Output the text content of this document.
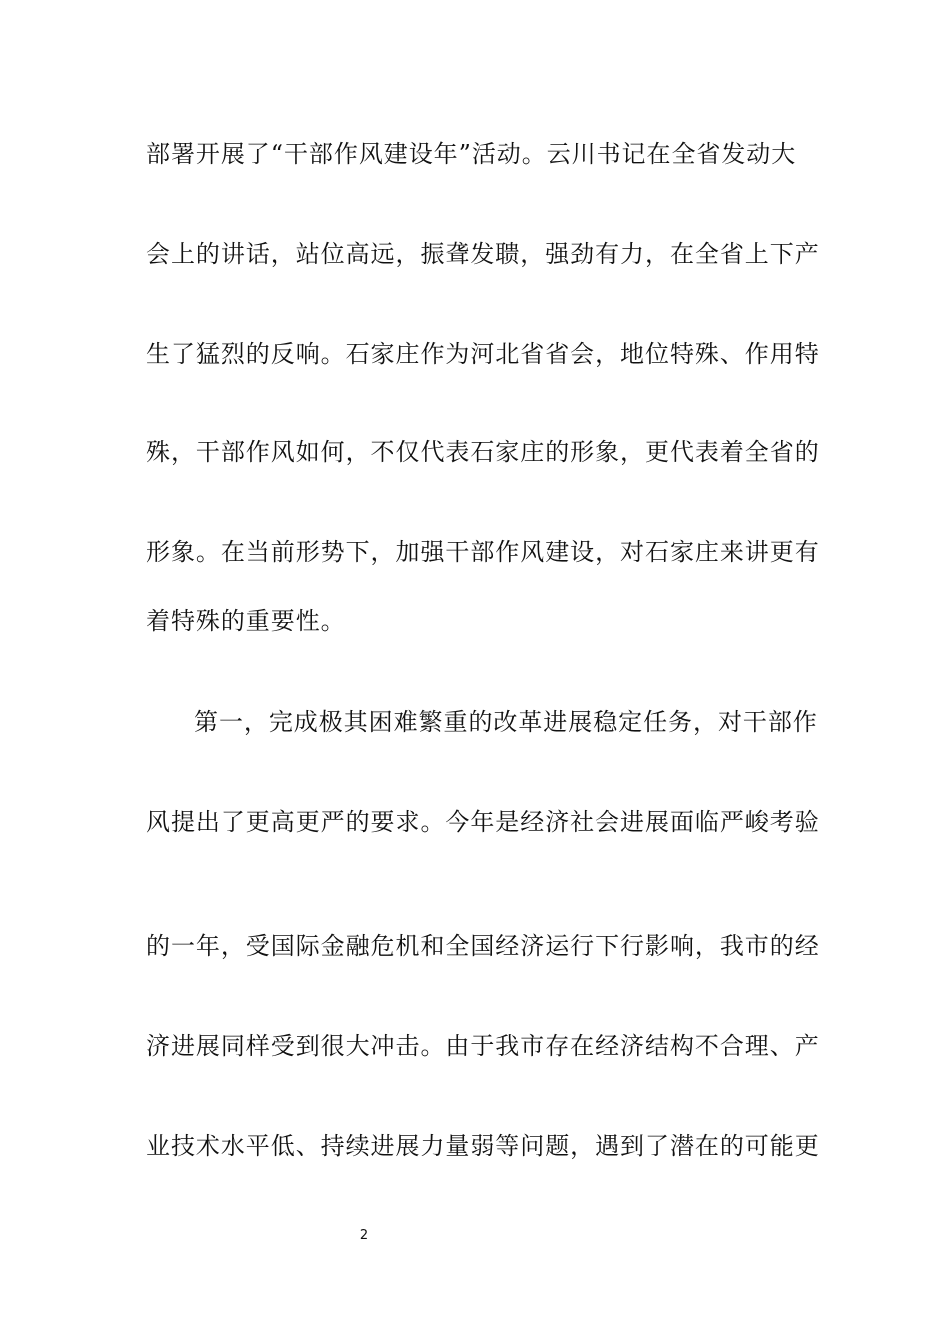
部署开展了“干部作风建设年”活动。云川书记在全省发动大
会上的讲话，站位高远，振聋发聩，强劲有力，在全省上下产
生了猛烈的反响。石家庄作为河北省省会，地位特殊、作用特
殊，干部作风如何，不仅代表石家庄的形象，更代表着全省的
形象。在当前形势下，加强干部作风建设，对石家庄来讲更有
着特殊的重要性。
第一，完成极其困难繁重的改革进展稳定任务，对干部作
风提出了更高更严的要求。今年是经济社会进展面临严峻考验
的一年，受国际金融危机和全国经济运行下行影响，我市的经
济进展同样受到很大冲击。由于我市存在经济结构不合理、产
业技术水平低、持续进展力量弱等问题，遇到了潜在的可能更
2
